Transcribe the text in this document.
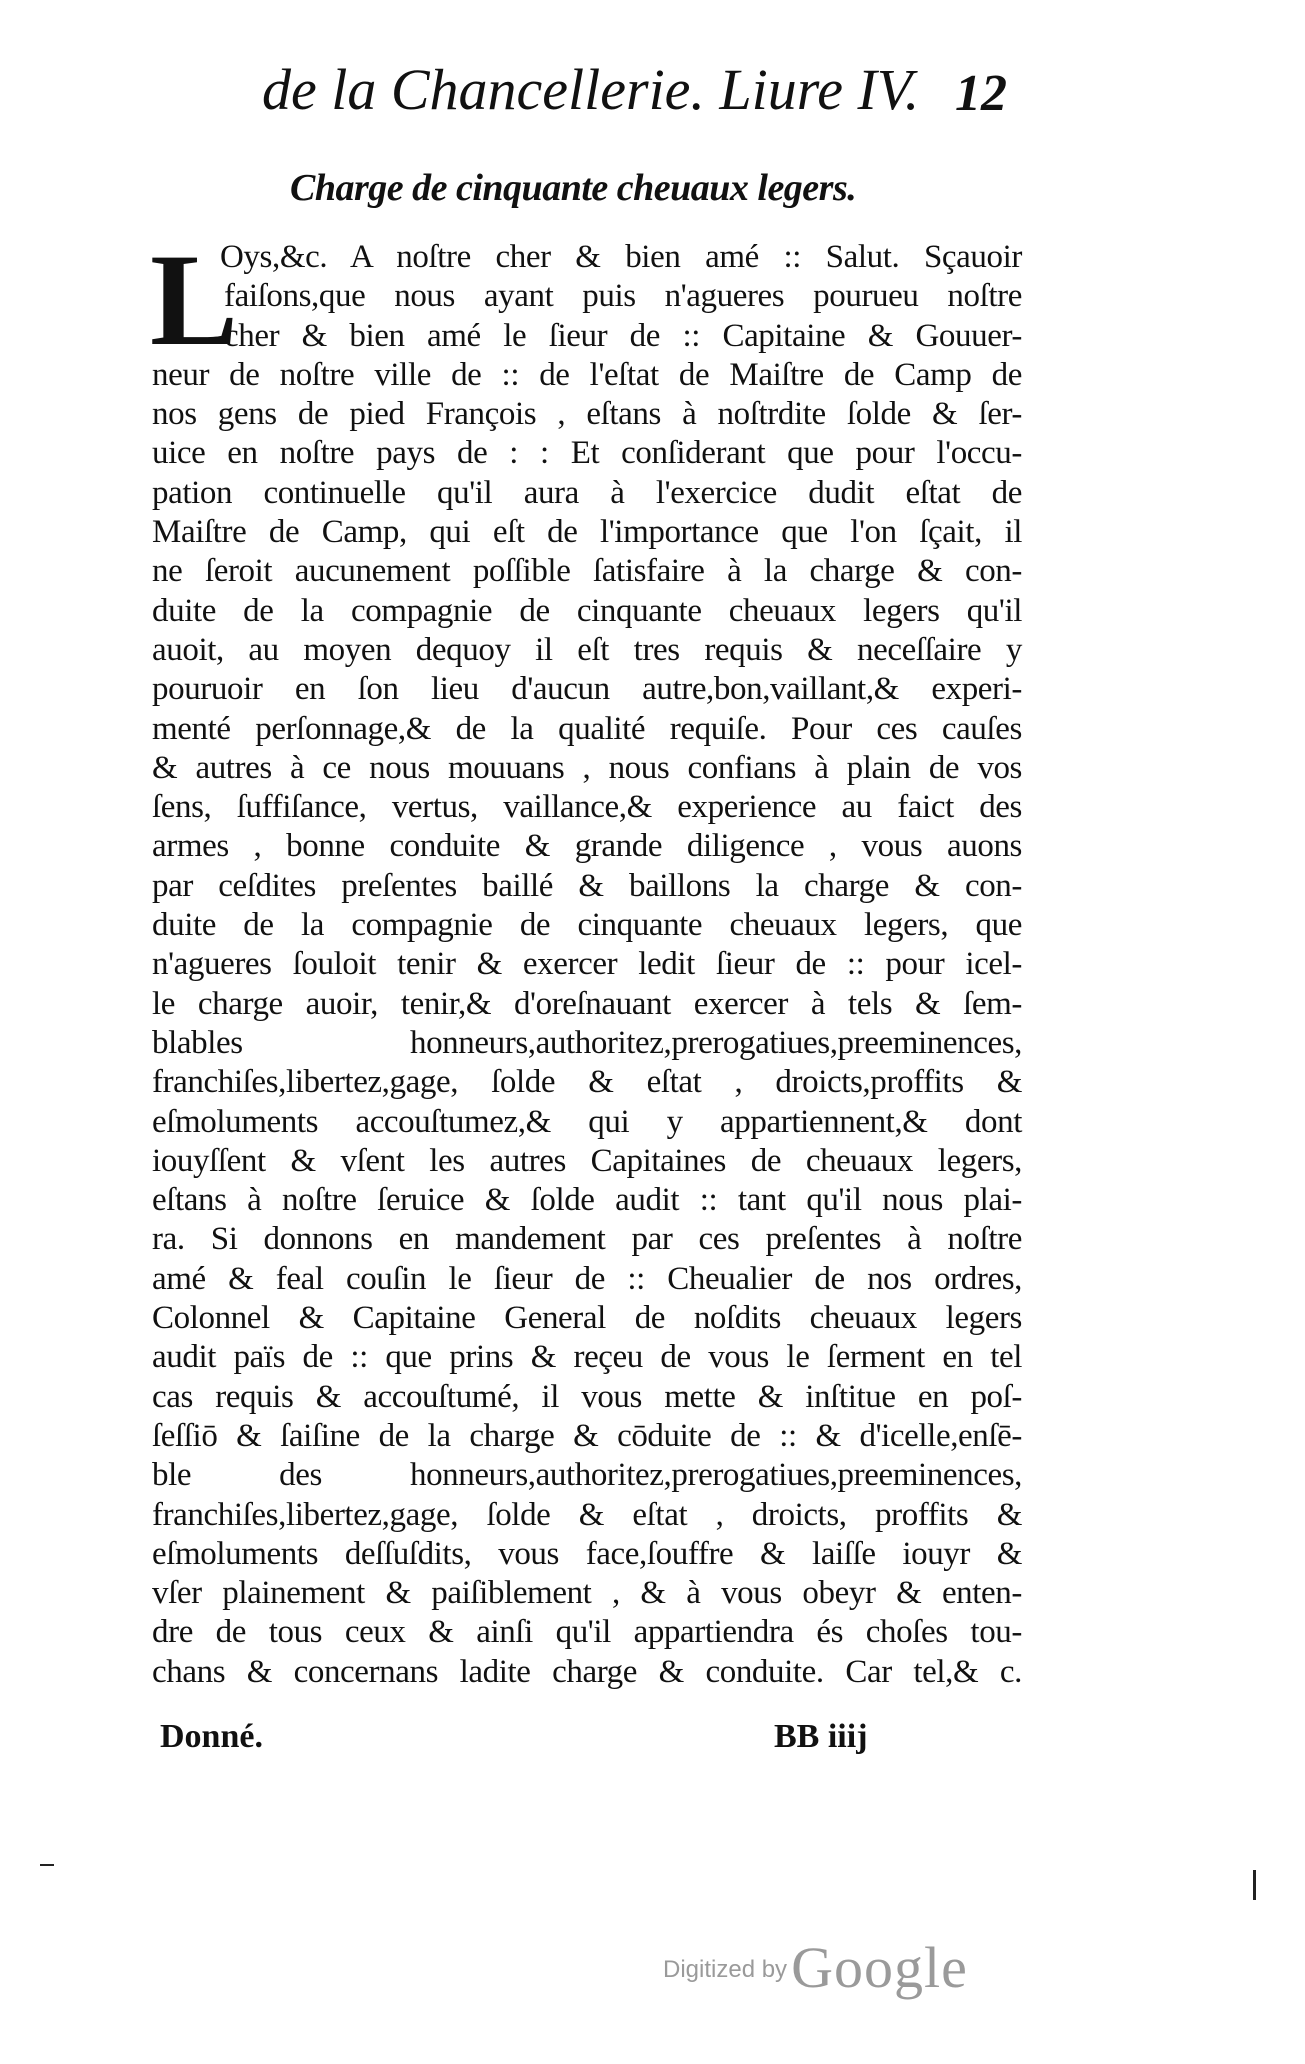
de la Chancellerie. Liure IV. 12
Charge de cinquante cheuaux legers.
L
Oys,&c. A noſtre cher & bien amé :: Salut. Sçauoir
faiſons,que nous ayant puis n'agueres pourueu noſtre
cher & bien amé le ſieur de :: Capitaine & Gouuer-
neur de noſtre ville de :: de l'eſtat de Maiſtre de Camp de
nos gens de pied François , eſtans à noſtrdite ſolde & ſer-
uice en noſtre pays de : : Et conſiderant que pour l'occu-
pation continuelle qu'il aura à l'exercice dudit eſtat de
Maiſtre de Camp, qui eſt de l'importance que l'on ſçait, il
ne ſeroit aucunement poſſible ſatisfaire à la charge & con-
duite de la compagnie de cinquante cheuaux legers qu'il
auoit, au moyen dequoy il eſt tres requis & neceſſaire y
pouruoir en ſon lieu d'aucun autre,bon,vaillant,& experi-
menté perſonnage,& de la qualité requiſe. Pour ces cauſes
& autres à ce nous mouuans , nous confians à plain de vos
ſens, ſuffiſance, vertus, vaillance,& experience au faict des
armes , bonne conduite & grande diligence , vous auons
par ceſdites preſentes baillé & baillons la charge & con-
duite de la compagnie de cinquante cheuaux legers, que
n'agueres ſouloit tenir & exercer ledit ſieur de :: pour icel-
le charge auoir, tenir,& d'oreſnauant exercer à tels & ſem-
blables honneurs,authoritez,prerogatiues,preeminences,
franchiſes,libertez,gage, ſolde & eſtat , droicts,proffits &
eſmoluments accouſtumez,& qui y appartiennent,& dont
iouyſſent & vſent les autres Capitaines de cheuaux legers,
eſtans à noſtre ſeruice & ſolde audit :: tant qu'il nous plai-
ra. Si donnons en mandement par ces preſentes à noſtre
amé & feal couſin le ſieur de :: Cheualier de nos ordres,
Colonnel & Capitaine General de noſdits cheuaux legers
audit païs de :: que prins & reçeu de vous le ſerment en tel
cas requis & accouſtumé, il vous mette & inſtitue en poſ-
ſeſſiō & ſaiſine de la charge & cōduite de :: & d'icelle,enſē-
ble des honneurs,authoritez,prerogatiues,preeminences,
franchiſes,libertez,gage, ſolde & eſtat , droicts, proffits &
eſmoluments deſſuſdits, vous face,ſouffre & laiſſe iouyr &
vſer plainement & paiſiblement , & à vous obeyr & enten-
dre de tous ceux & ainſi qu'il appartiendra és choſes tou-
chans & concernans ladite charge & conduite. Car tel,& c.
Donné.	BB iiij
Digitized by Google
